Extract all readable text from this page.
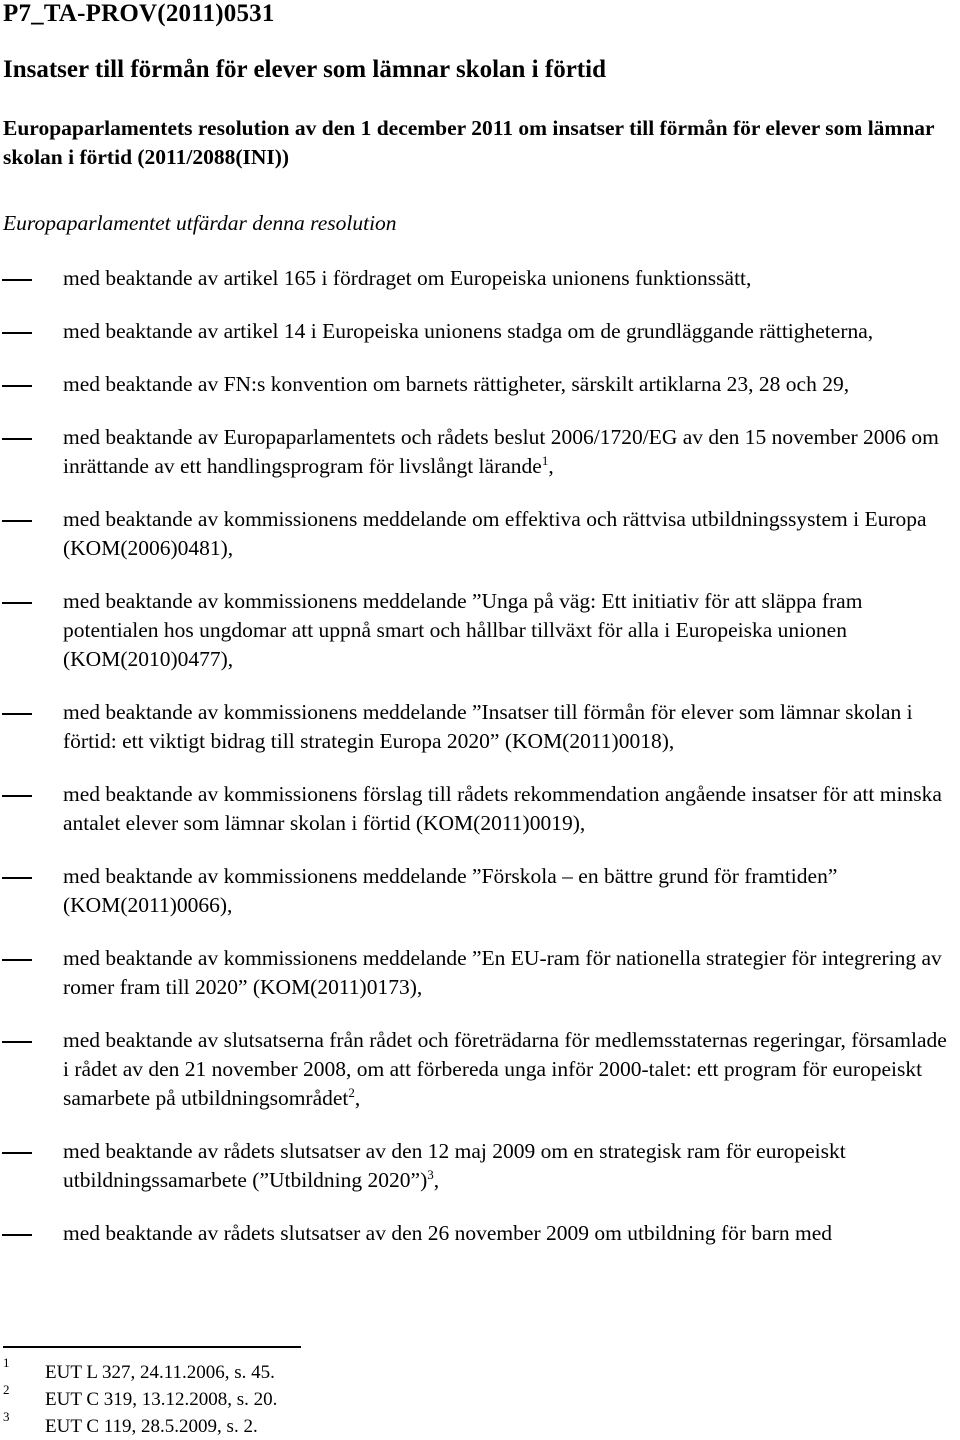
P7_TA-PROV(2011)0531
Insatser till förmån för elever som lämnar skolan i förtid
Europaparlamentets resolution av den 1 december 2011 om insatser till förmån för elever som lämnar skolan i förtid (2011/2088(INI))
Europaparlamentet utfärdar denna resolution
med beaktande av artikel 165 i fördraget om Europeiska unionens funktionssätt,
med beaktande av artikel 14 i Europeiska unionens stadga om de grundläggande rättigheterna,
med beaktande av FN:s konvention om barnets rättigheter, särskilt artiklarna 23, 28 och 29,
med beaktande av Europaparlamentets och rådets beslut 2006/1720/EG av den 15 november 2006 om inrättande av ett handlingsprogram för livslångt lärande$^1$,
med beaktande av kommissionens meddelande om effektiva och rättvisa utbildningssystem i Europa (KOM(2006)0481),
med beaktande av kommissionens meddelande ”Unga på väg: Ett initiativ för att släppa fram potentialen hos ungdomar att uppnå smart och hållbar tillväxt för alla i Europeiska unionen (KOM(2010)0477),
med beaktande av kommissionens meddelande ”Insatser till förmån för elever som lämnar skolan i förtid: ett viktigt bidrag till strategin Europa 2020” (KOM(2011)0018),
med beaktande av kommissionens förslag till rådets rekommendation angående insatser för att minska antalet elever som lämnar skolan i förtid (KOM(2011)0019),
med beaktande av kommissionens meddelande ”Förskola – en bättre grund för framtiden” (KOM(2011)0066),
med beaktande av kommissionens meddelande ”En EU-ram för nationella strategier för integrering av romer fram till 2020” (KOM(2011)0173),
med beaktande av slutsatserna från rådet och företrädarna för medlemsstaternas regeringar, församlade i rådet av den 21 november 2008, om att förbereda unga inför 2000-talet: ett program för europeiskt samarbete på utbildningsområdet$^2$,
med beaktande av rådets slutsatser av den 12 maj 2009 om en strategisk ram för europeiskt utbildningssamarbete (”Utbildning 2020”)$^3$,
med beaktande av rådets slutsatser av den 26 november 2009 om utbildning för barn med
1 EUT L 327, 24.11.2006, s. 45.
2 EUT C 319, 13.12.2008, s. 20.
3 EUT C 119, 28.5.2009, s. 2.
